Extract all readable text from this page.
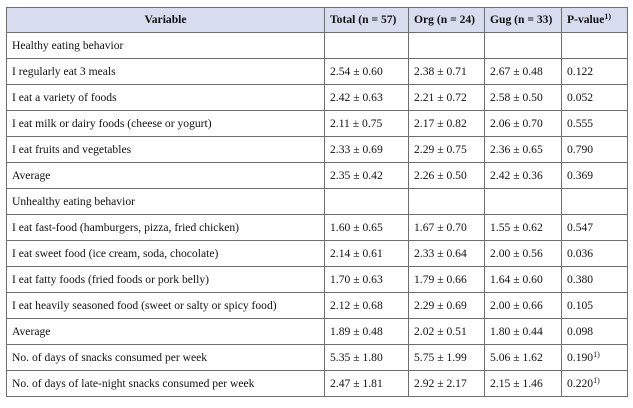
Variable	Total (n = 57)	Org (n = 24)	Gug (n = 33)	P-value$^{1)}$
Healthy eating behavior				
I regularly eat 3 meals	2.54 ± 0.60	2.38 ± 0.71	2.67 ± 0.48	0.122
I eat a variety of foods	2.42 ± 0.63	2.21 ± 0.72	2.58 ± 0.50	0.052
I eat milk or dairy foods (cheese or yogurt)	2.11 ± 0.75	2.17 ± 0.82	2.06 ± 0.70	0.555
I eat fruits and vegetables	2.33 ± 0.69	2.29 ± 0.75	2.36 ± 0.65	0.790
Average	2.35 ± 0.42	2.26 ± 0.50	2.42 ± 0.36	0.369
Unhealthy eating behavior				
I eat fast-food (hamburgers, pizza, fried chicken)	1.60 ± 0.65	1.67 ± 0.70	1.55 ± 0.62	0.547
I eat sweet food (ice cream, soda, chocolate)	2.14 ± 0.61	2.33 ± 0.64	2.00 ± 0.56	0.036
I eat fatty foods (fried foods or pork belly)	1.70 ± 0.63	1.79 ± 0.66	1.64 ± 0.60	0.380
I eat heavily seasoned food (sweet or salty or spicy food)	2.12 ± 0.68	2.29 ± 0.69	2.00 ± 0.66	0.105
Average	1.89 ± 0.48	2.02 ± 0.51	1.80 ± 0.44	0.098
No. of days of snacks consumed per week	5.35 ± 1.80	5.75 ± 1.99	5.06 ± 1.62	0.190$^{1)}$
No. of days of late-night snacks consumed per week	2.47 ± 1.81	2.92 ± 2.17	2.15 ± 1.46	0.220$^{1)}$
